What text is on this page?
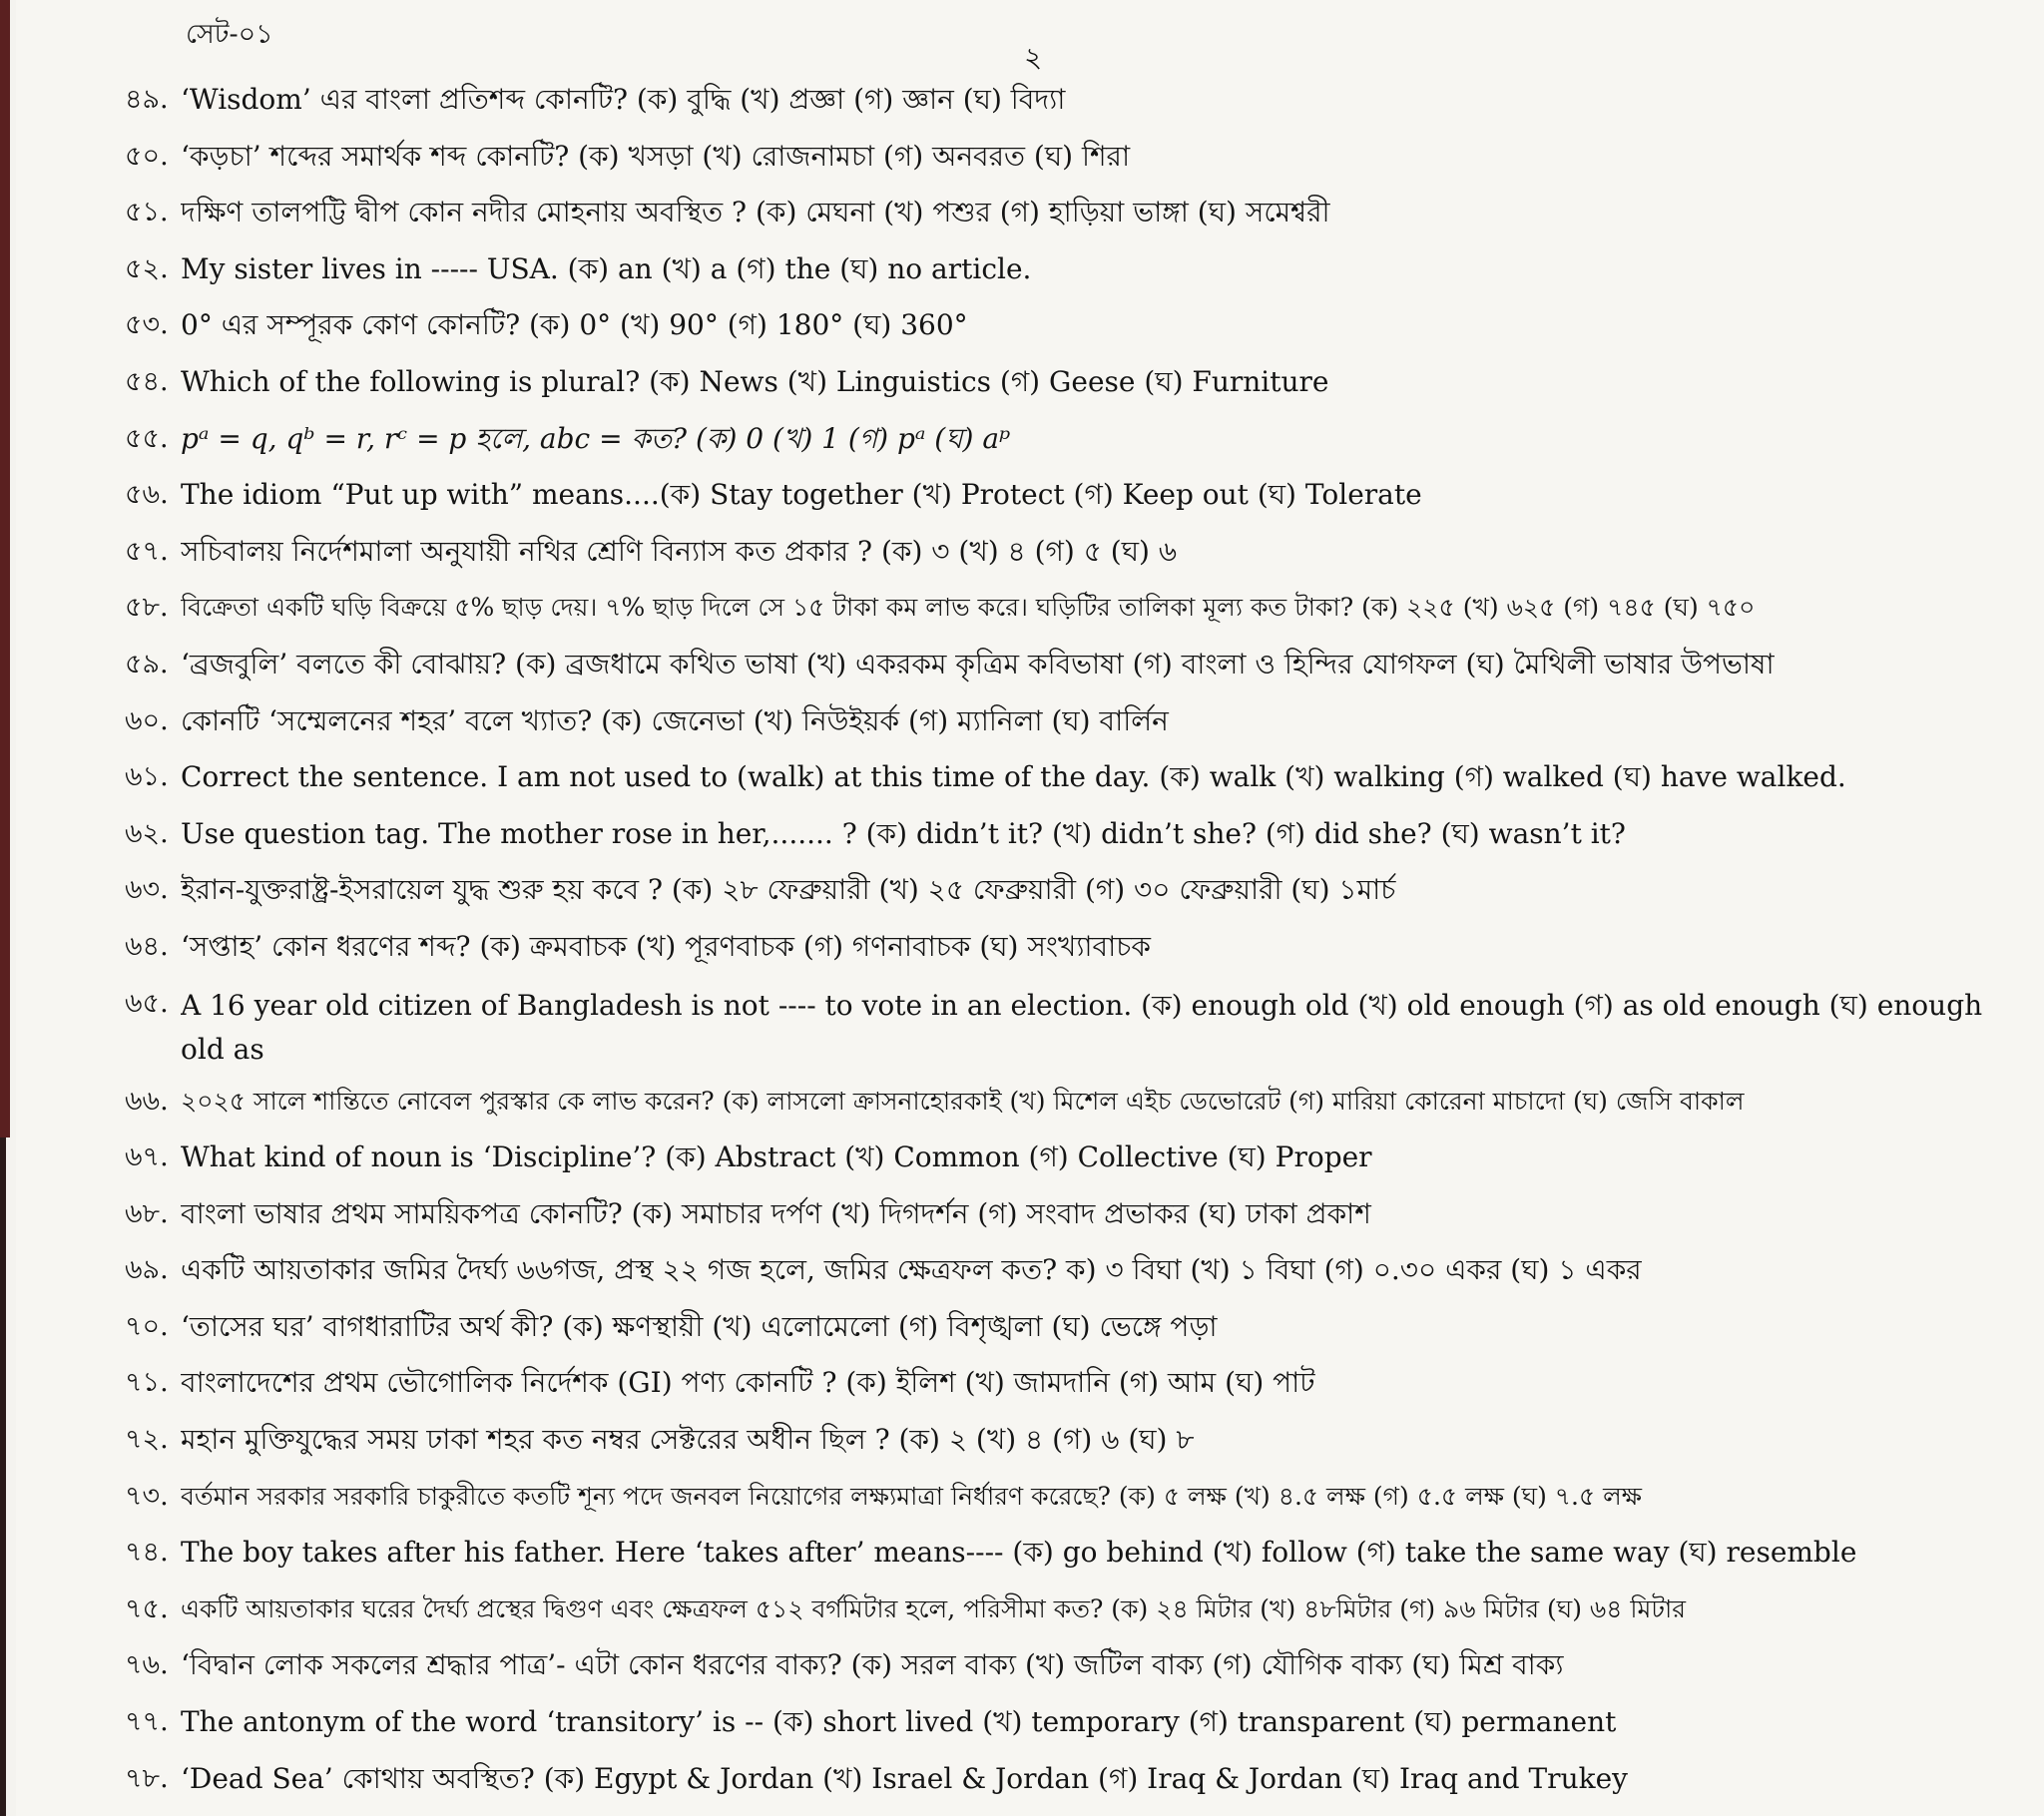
সেট-০১
২
৪৯. ‘Wisdom’ এর বাংলা প্রতিশব্দ কোনটি? (ক) বুদ্ধি (খ) প্রজ্ঞা (গ) জ্ঞান (ঘ) বিদ্যা
৫০. ‘কড়চা’ শব্দের সমার্থক শব্দ কোনটি? (ক) খসড়া (খ) রোজনামচা (গ) অনবরত (ঘ) শিরা
৫১. দক্ষিণ তালপট্টি দ্বীপ কোন নদীর মোহনায় অবস্থিত ? (ক) মেঘনা (খ) পশুর (গ) হাড়িয়া ভাঙ্গা (ঘ) সমেশ্বরী
৫২. My sister lives in ----- USA. (ক) an (খ) a (গ) the (ঘ) no article.
৫৩. 0° এর সম্পূরক কোণ কোনটি? (ক) 0° (খ) 90° (গ) 180° (ঘ) 360°
৫৪. Which of the following is plural? (ক) News (খ) Linguistics (গ) Geese (ঘ) Furniture
৫৫. pᵃ = q, qᵇ = r, rᶜ = p হলে, abc = কত? (ক) 0 (খ) 1 (গ) pᵃ (ঘ) aᵖ
৫৬. The idiom “Put up with” means....(ক) Stay together (খ) Protect (গ) Keep out (ঘ) Tolerate
৫৭. সচিবালয় নির্দেশমালা অনুযায়ী নথির শ্রেণি বিন্যাস কত প্রকার ? (ক) ৩ (খ) ৪ (গ) ৫ (ঘ) ৬
৫৮. বিক্রেতা একটি ঘড়ি বিক্রয়ে ৫% ছাড় দেয়। ৭% ছাড় দিলে সে ১৫ টাকা কম লাভ করে। ঘড়িটির তালিকা মূল্য কত টাকা? (ক) ২২৫ (খ) ৬২৫ (গ) ৭৪৫ (ঘ) ৭৫০
৫৯. ‘ব্রজবুলি’ বলতে কী বোঝায়? (ক) ব্রজধামে কথিত ভাষা (খ) একরকম কৃত্রিম কবিভাষা (গ) বাংলা ও হিন্দির যোগফল (ঘ) মৈথিলী ভাষার উপভাষা
৬০. কোনটি ‘সম্মেলনের শহর’ বলে খ্যাত? (ক) জেনেভা (খ) নিউইয়র্ক (গ) ম্যানিলা (ঘ) বার্লিন
৬১. Correct the sentence. I am not used to (walk) at this time of the day. (ক) walk (খ) walking (গ) walked (ঘ) have walked.
৬২. Use question tag. The mother rose in her,....... ? (ক) didn’t it? (খ) didn’t she? (গ) did she? (ঘ) wasn’t it?
৬৩. ইরান-যুক্তরাষ্ট্র-ইসরায়েল যুদ্ধ শুরু হয় কবে ? (ক) ২৮ ফেব্রুয়ারী (খ) ২৫ ফেব্রুয়ারী (গ) ৩০ ফেব্রুয়ারী (ঘ) ১মার্চ
৬৪. ‘সপ্তাহ’ কোন ধরণের শব্দ? (ক) ক্রমবাচক (খ) পূরণবাচক (গ) গণনাবাচক (ঘ) সংখ্যাবাচক
৬৫. A 16 year old citizen of Bangladesh is not ---- to vote in an election. (ক) enough old (খ) old enough (গ) as old enough (ঘ) enough old as
৬৬. ২০২৫ সালে শান্তিতে নোবেল পুরস্কার কে লাভ করেন? (ক) লাসলো ক্রাসনাহোরকাই (খ) মিশেল এইচ ডেভোরেট (গ) মারিয়া কোরেনা মাচাদো (ঘ) জেসি বাকাল
৬৭. What kind of noun is ‘Discipline’? (ক) Abstract (খ) Common (গ) Collective (ঘ) Proper
৬৮. বাংলা ভাষার প্রথম সাময়িকপত্র কোনটি? (ক) সমাচার দর্পণ (খ) দিগদর্শন (গ) সংবাদ প্রভাকর (ঘ) ঢাকা প্রকাশ
৬৯. একটি আয়তাকার জমির দৈর্ঘ্য ৬৬গজ, প্রস্থ ২২ গজ হলে, জমির ক্ষেত্রফল কত? ক) ৩ বিঘা (খ) ১ বিঘা (গ) ০.৩০ একর (ঘ) ১ একর
৭০. ‘তাসের ঘর’ বাগধারাটির অর্থ কী? (ক) ক্ষণস্থায়ী (খ) এলোমেলো (গ) বিশৃঙ্খলা (ঘ) ভেঙ্গে পড়া
৭১. বাংলাদেশের প্রথম ভৌগোলিক নির্দেশক (GI) পণ্য কোনটি ? (ক) ইলিশ (খ) জামদানি (গ) আম (ঘ) পাট
৭২. মহান মুক্তিযুদ্ধের সময় ঢাকা শহর কত নম্বর সেক্টরের অধীন ছিল ? (ক) ২ (খ) ৪ (গ) ৬ (ঘ) ৮
৭৩. বর্তমান সরকার সরকারি চাকুরীতে কতটি শূন্য পদে জনবল নিয়োগের লক্ষ্যমাত্রা নির্ধারণ করেছে? (ক) ৫ লক্ষ (খ) ৪.৫ লক্ষ (গ) ৫.৫ লক্ষ (ঘ) ৭.৫ লক্ষ
৭৪. The boy takes after his father. Here ‘takes after’ means---- (ক) go behind (খ) follow (গ) take the same way (ঘ) resemble
৭৫. একটি আয়তাকার ঘরের দৈর্ঘ্য প্রস্থের দ্বিগুণ এবং ক্ষেত্রফল ৫১২ বর্গমিটার হলে, পরিসীমা কত? (ক) ২৪ মিটার (খ) ৪৮মিটার (গ) ৯৬ মিটার (ঘ) ৬৪ মিটার
৭৬. ‘বিদ্বান লোক সকলের শ্রদ্ধার পাত্র’- এটা কোন ধরণের বাক্য? (ক) সরল বাক্য (খ) জটিল বাক্য (গ) যৌগিক বাক্য (ঘ) মিশ্র বাক্য
৭৭. The antonym of the word ‘transitory’ is -- (ক) short lived (খ) temporary (গ) transparent (ঘ) permanent
৭৮. ‘Dead Sea’ কোথায় অবস্থিত? (ক) Egypt & Jordan (খ) Israel & Jordan (গ) Iraq & Jordan (ঘ) Iraq and Trukey
